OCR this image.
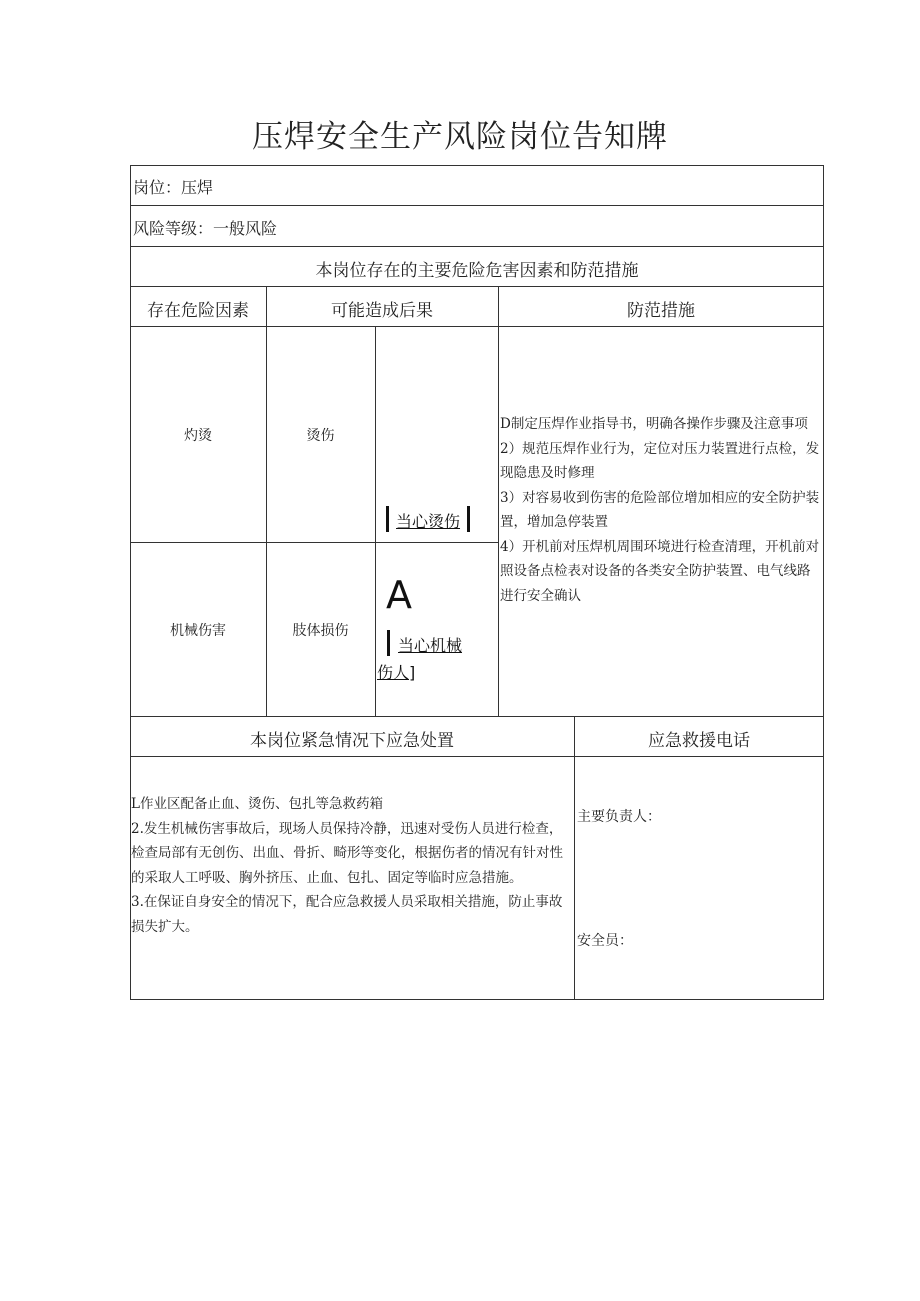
压焊安全生产风险岗位告知牌
岗位：压焊
风险等级：一般风险
本岗位存在的主要危险危害因素和防范措施
存在危险因素	可能造成后果	防范措施
灼烫	烫伤
当心烫伤
机械伤害	肢体损伤
A
当心机械
伤人]
D制定压焊作业指导书，明确各操作步骤及注意事项
2）规范压焊作业行为，定位对压力装置进行点检，发现隐患及时修理
3）对容易收到伤害的危险部位增加相应的安全防护装置，增加急停装置
4）开机前对压焊机周围环境进行检查清理，开机前对照设备点检表对设备的各类安全防护装置、电气线路进行安全确认
本岗位紧急情况下应急处置	应急救援电话
L作业区配备止血、烫伤、包扎等急救药箱
2.发生机械伤害事故后，现场人员保持冷静，迅速对受伤人员进行检查，检查局部有无创伤、出血、骨折、畸形等变化，根据伤者的情况有针对性的采取人工呼吸、胸外挤压、止血、包扎、固定等临时应急措施。
3.在保证自身安全的情况下，配合应急救援人员采取相关措施，防止事故损失扩大。
主要负责人：
安全员：
